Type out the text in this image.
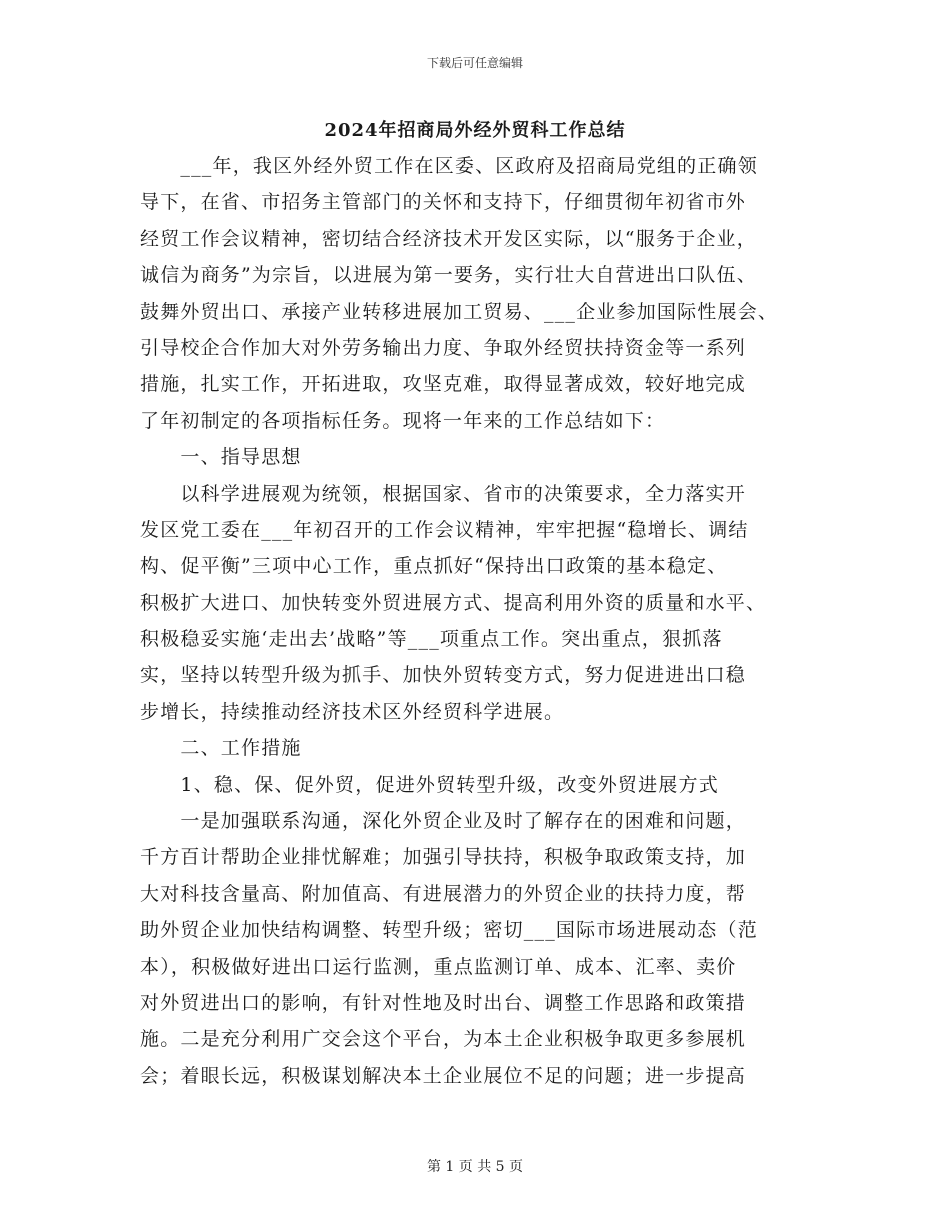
下载后可任意编辑
2024年招商局外经外贸科工作总结
　　___年，我区外经外贸工作在区委、区政府及招商局党组的正确领
导下，在省、市招务主管部门的关怀和支持下，仔细贯彻年初省市外
经贸工作会议精神，密切结合经济技术开发区实际，以“服务于企业，
诚信为商务”为宗旨，以进展为第一要务，实行壮大自营进出口队伍、
鼓舞外贸出口、承接产业转移进展加工贸易、___企业参加国际性展会、
引导校企合作加大对外劳务输出力度、争取外经贸扶持资金等一系列
措施，扎实工作，开拓进取，攻坚克难，取得显著成效，较好地完成
了年初制定的各项指标任务。现将一年来的工作总结如下：
　　一、指导思想
　　以科学进展观为统领，根据国家、省市的决策要求，全力落实开
发区党工委在___年初召开的工作会议精神，牢牢把握“稳增长、调结
构、促平衡”三项中心工作，重点抓好“保持出口政策的基本稳定、
积极扩大进口、加快转变外贸进展方式、提高利用外资的质量和水平、
积极稳妥实施‘走出去’战略”等___项重点工作。突出重点，狠抓落
实，坚持以转型升级为抓手、加快外贸转变方式，努力促进进出口稳
步增长，持续推动经济技术区外经贸科学进展。
　　二、工作措施
　　1、稳、保、促外贸，促进外贸转型升级，改变外贸进展方式
　　一是加强联系沟通，深化外贸企业及时了解存在的困难和问题，
千方百计帮助企业排忧解难；加强引导扶持，积极争取政策支持，加
大对科技含量高、附加值高、有进展潜力的外贸企业的扶持力度，帮
助外贸企业加快结构调整、转型升级；密切___国际市场进展动态（范
本），积极做好进出口运行监测，重点监测订单、成本、汇率、卖价
对外贸进出口的影响，有针对性地及时出台、调整工作思路和政策措
施。二是充分利用广交会这个平台，为本土企业积极争取更多参展机
会；着眼长远，积极谋划解决本土企业展位不足的问题；进一步提高
第 1 页 共 5 页
